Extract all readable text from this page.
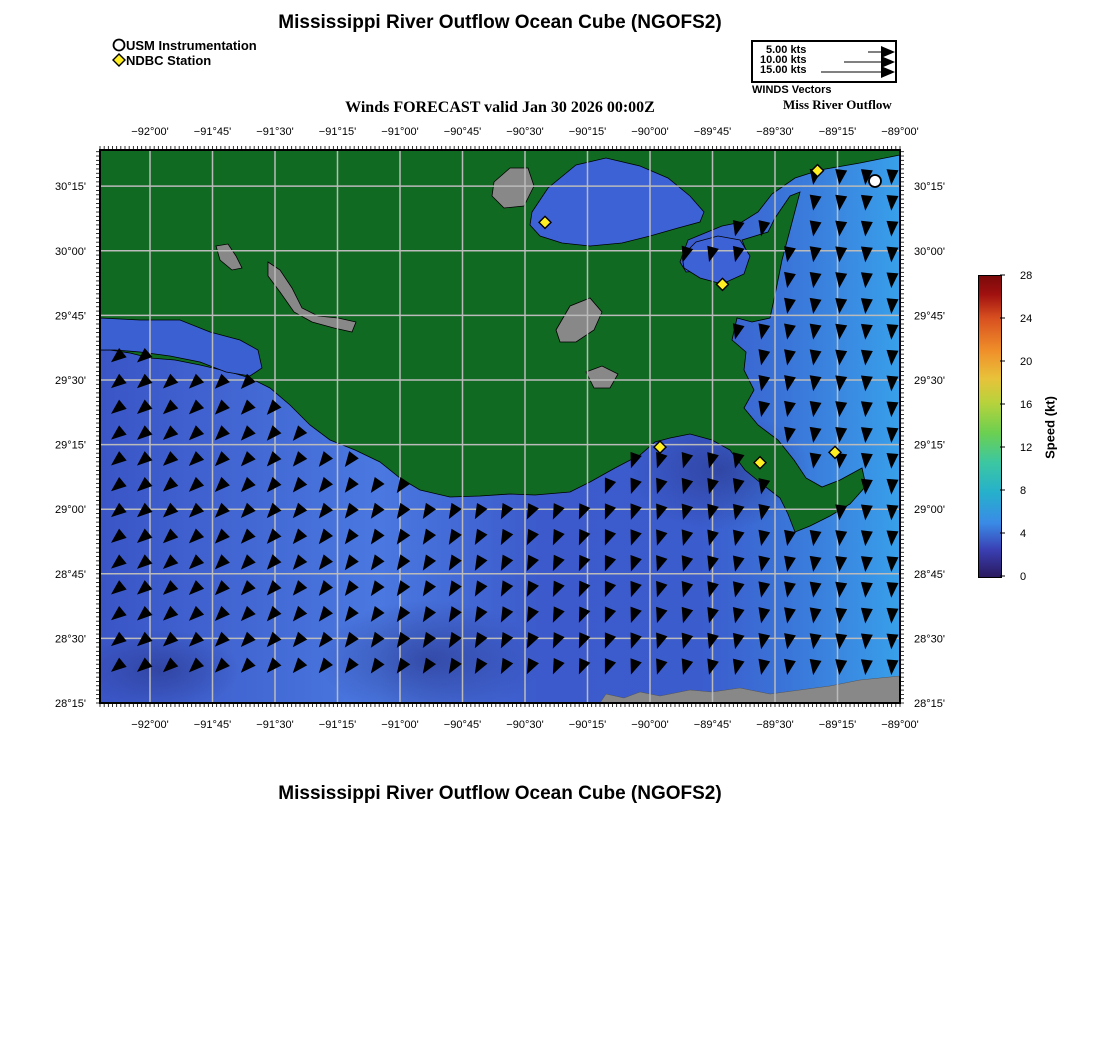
Mississippi River Outflow Ocean Cube (NGOFS2)
USM Instrumentation
NDBC Station
5.00 kts
10.00 kts
15.00 kts
WINDS Vectors
Winds FORECAST valid Jan 30 2026 00:00Z	Miss River Outflow
−92°00'
−92°00'
−91°45'
−91°45'
−91°30'
−91°30'
−91°15'
−91°15'
−91°00'
−91°00'
−90°45'
−90°45'
−90°30'
−90°30'
−90°15'
−90°15'
−90°00'
−90°00'
−89°45'
−89°45'
−89°30'
−89°30'
−89°15'
−89°15'
−89°00'
−89°00'
30°15'	30°15'
30°00'	30°00'
29°45'	29°45'
29°30'	29°30'
29°15'	29°15'
29°00'	29°00'
28°45'	28°45'
28°30'	28°30'
28°15'	28°15'
0
4
8
12
16
20
24
28
Speed (kt)
Mississippi River Outflow Ocean Cube (NGOFS2)
